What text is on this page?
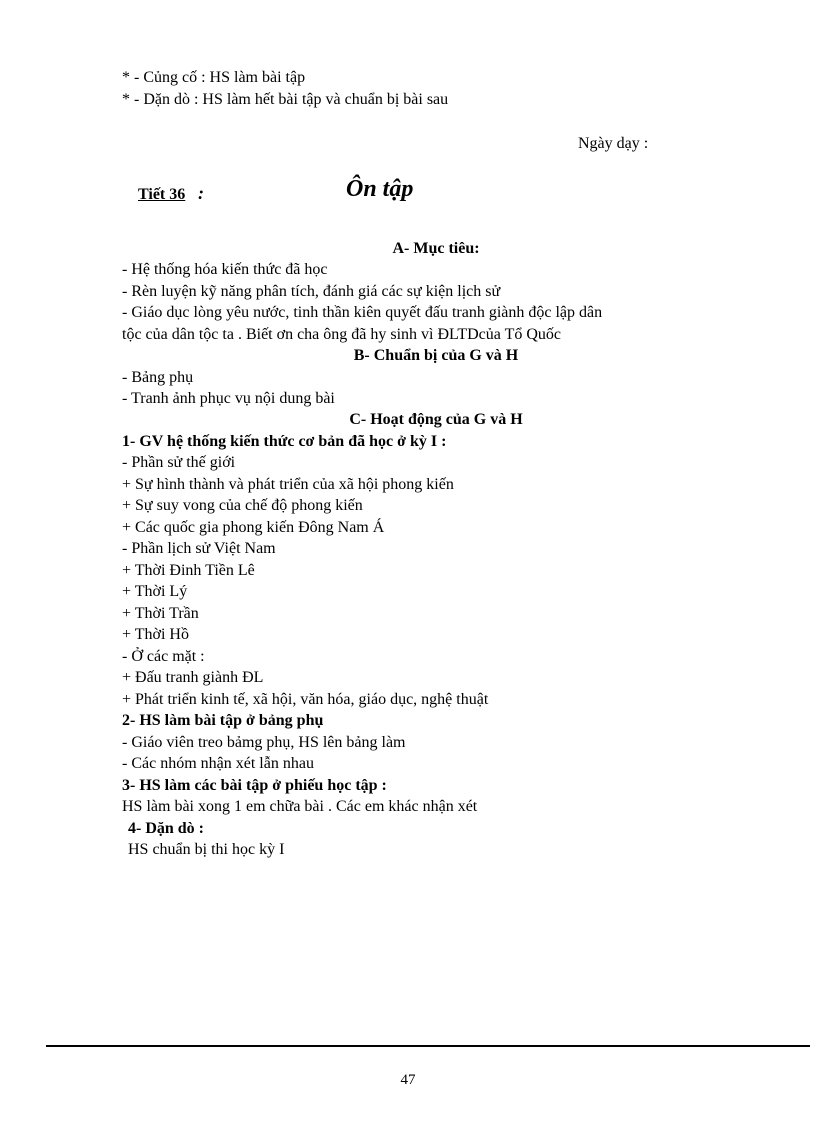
* - Củng cố : HS làm bài tập
* - Dặn dò : HS làm hết bài tập và chuẩn bị bài sau
Ngày dạy :
Tiết 36 :	Ôn tập
A- Mục tiêu:
- Hệ thống hóa kiến thức đã học
- Rèn luyện kỹ năng phân tích, đánh giá các sự kiện lịch sử
- Giáo dục lòng yêu nước, tinh thần kiên quyết đấu tranh giành độc lập dân
tộc của dân tộc ta . Biết ơn cha ông đã hy sinh vì ĐLTDcủa Tổ Quốc
B- Chuẩn bị của G và H
- Bảng phụ
- Tranh ảnh phục vụ nội dung bài
C- Hoạt động của G và H
1- GV hệ thống kiến thức cơ bản đã học ở kỳ I :
- Phần sử thế giới
+ Sự hình thành và phát triển của xã hội phong kiến
+ Sự suy vong của chế độ phong kiến
+ Các quốc gia phong kiến Đông Nam Á
- Phần lịch sử Việt Nam
+ Thời Đinh Tiền Lê
+ Thời Lý
+ Thời Trần
+ Thời Hồ
- Ở các mặt :
+ Đấu tranh giành ĐL
+ Phát triển kinh tế, xã hội, văn hóa, giáo dục, nghệ thuật
2- HS làm bài tập ở bảng phụ
- Giáo viên treo bảmg phụ, HS lên bảng làm
- Các nhóm nhận xét lẫn nhau
3- HS làm các bài tập ở phiếu học tập :
HS làm bài xong 1 em chữa bài . Các em khác nhận xét
4- Dặn dò :
HS chuẩn bị thi học kỳ I
47
